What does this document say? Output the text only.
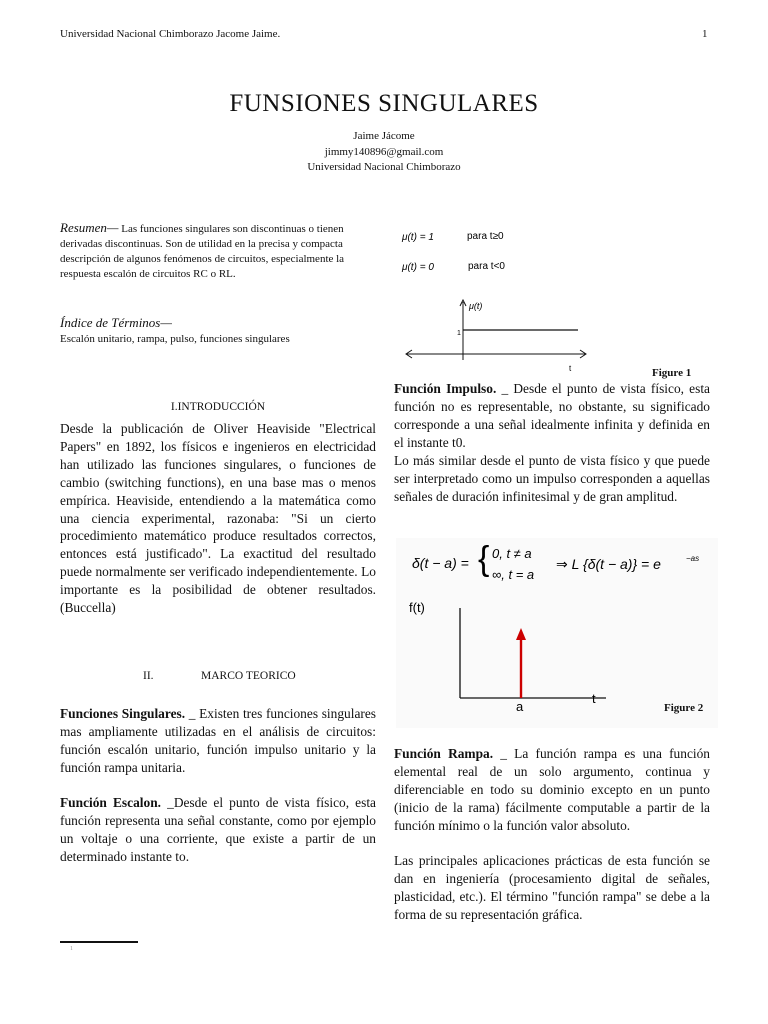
Universidad Nacional Chimborazo Jacome Jaime.	1
FUNSIONES SINGULARES
Jaime Jácome
jimmy140896@gmail.com
Universidad Nacional Chimborazo
Resumen— Las funciones singulares son discontinuas o tienen derivadas discontinuas. Son de utilidad en la precisa y compacta descripción de algunos fenómenos de circuitos, especialmente la respuesta escalón de circuitos RC o RL.
Índice de Términos—
Escalón unitario, rampa, pulso, funciones singulares
I.INTRODUCCIÓN
Desde la publicación de Oliver Heaviside "Electrical Papers" en 1892, los físicos e ingenieros en electricidad han utilizado las funciones singulares, o funciones de cambio (switching functions), en una base mas o menos empírica. Heaviside, entendiendo a la matemática como una ciencia experimental, razonaba: "Si un cierto procedimiento matemático produce resultados correctos, entonces está justificado". La exactitud del resultado puede normalmente ser verificado independientemente. Lo importante es la posibilidad de obtener resultados. (Buccella)
II.	MARCO TEORICO
Funciones Singulares. _ Existen tres funciones singulares mas ampliamente utilizadas en el análisis de circuitos: función escalón unitario, función impulso unitario y la función rampa unitaria.
Función Escalon. _Desde el punto de vista físico, esta función representa una señal constante, como por ejemplo un voltaje o una corriente, que existe a partir de un determinado instante to.
1
μ(t) = 1	para t≥0
μ(t) = 0	para t<0
μ(t)
t
1
Figure 1
Función Impulso. _ Desde el punto de vista físico, esta función no es representable, no obstante, su significado corresponde a una señal idealmente infinita y definida en el instante t0.
Lo más similar desde el punto de vista físico y que puede ser interpretado como un impulso corresponden a aquellas señales de duración infinitesimal y de gran amplitud.
δ(t − a) = { 0, t ≠ a
∞, t = a
⇒ L {δ(t − a)} = e	−as
f(t)
t
a	Figure 2
Función Rampa. _ La función rampa es una función elemental real de un solo argumento, continua y diferenciable en todo su dominio excepto en un punto (inicio de la rama) fácilmente computable a partir de la función mínimo o la función valor absoluto.
Las principales aplicaciones prácticas de esta función se dan en ingeniería (procesamiento digital de señales, plasticidad, etc.). El término "función rampa" se debe a la forma de su representación gráfica.
